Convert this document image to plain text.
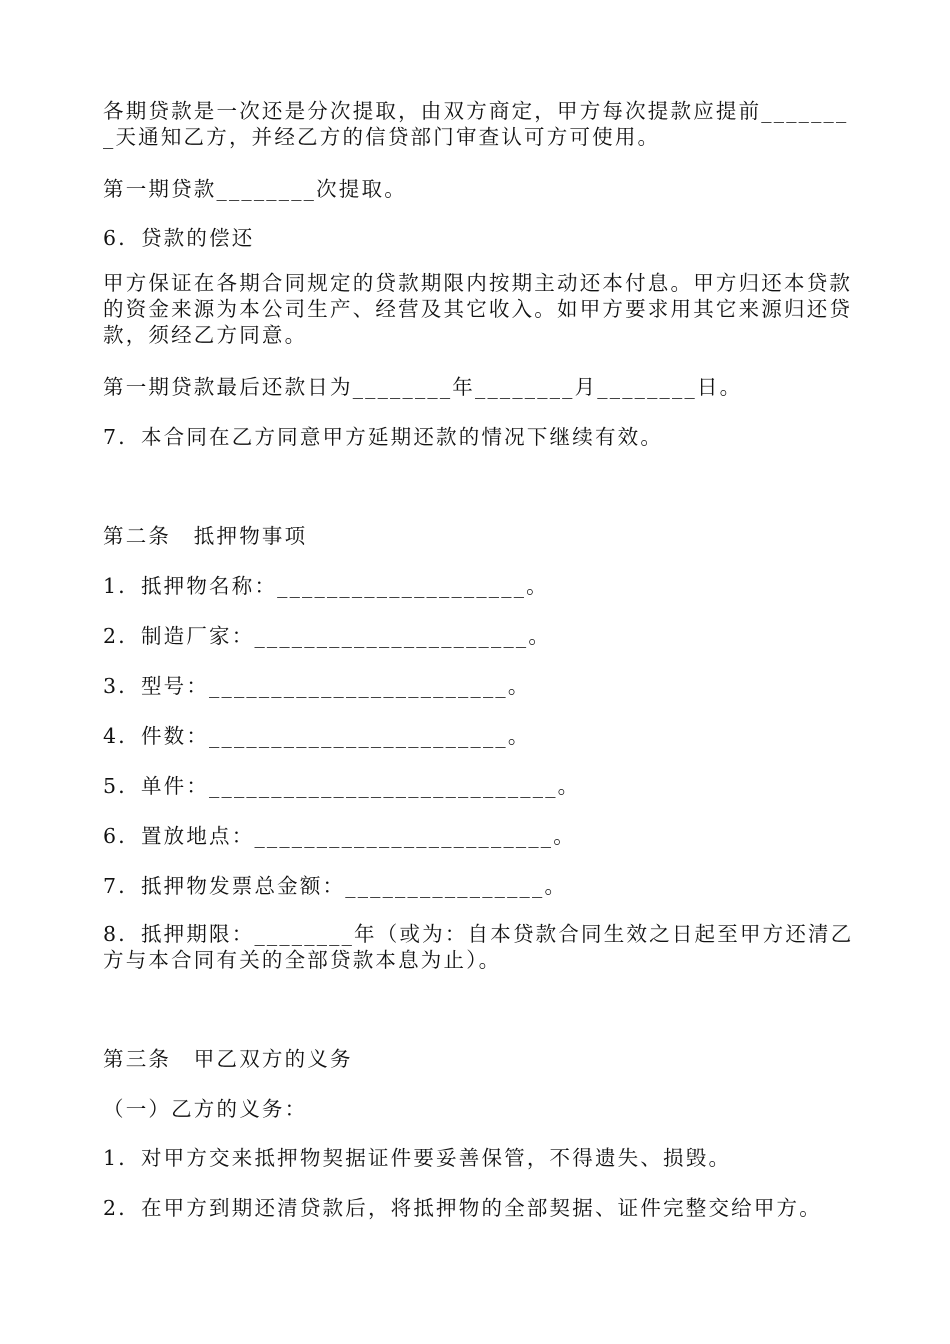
各期贷款是一次还是分次提取，由双方商定，甲方每次提款应提前________天通知乙方，并经乙方的信贷部门审查认可方可使用。

第一期贷款________次提取。

6．贷款的偿还

甲方保证在各期合同规定的贷款期限内按期主动还本付息。甲方归还本贷款的资金来源为本公司生产、经营及其它收入。如甲方要求用其它来源归还贷款，须经乙方同意。

第一期贷款最后还款日为________年________月________日。

7．本合同在乙方同意甲方延期还款的情况下继续有效。

第二条　抵押物事项

1．抵押物名称：____________________。

2．制造厂家：______________________。

3．型号：________________________。

4．件数：________________________。

5．单件：____________________________。

6．置放地点：________________________。

7．抵押物发票总金额：________________。

8．抵押期限：________年（或为：自本贷款合同生效之日起至甲方还清乙方与本合同有关的全部贷款本息为止）。

第三条　甲乙双方的义务

（一）乙方的义务：

1．对甲方交来抵押物契据证件要妥善保管，不得遗失、损毁。

2．在甲方到期还清贷款后，将抵押物的全部契据、证件完整交给甲方。
